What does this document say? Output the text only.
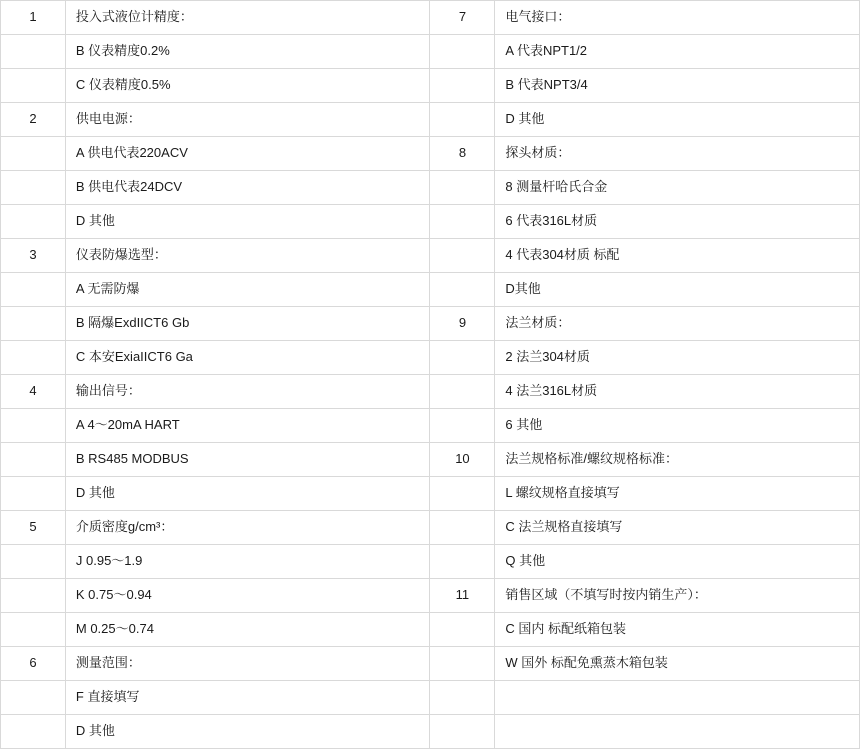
1	投入式液位计精度：	7	电气接口：
	B 仪表精度0.2%		A 代表NPT1/2
	C 仪表精度0.5%		B 代表NPT3/4
2	供电电源：		D 其他
	A 供电代表220ACV	8	探头材质：
	B 供电代表24DCV		8 测量杆哈氏合金
	D 其他		6 代表316L材质
3	仪表防爆选型：		4 代表304材质 标配
	A 无需防爆		D其他
	B 隔爆ExdIICT6 Gb	9	法兰材质：
	C 本安ExiaIICT6 Ga		2 法兰304材质
4	输出信号：		4 法兰316L材质
	A 4～20mA HART		6 其他
	B RS485 MODBUS	10	法兰规格标准/螺纹规格标准：
	D 其他		L 螺纹规格直接填写
5	介质密度g/cm³：		C 法兰规格直接填写
	J 0.95～1.9		Q 其他
	K 0.75～0.94	11	销售区域（不填写时按内销生产）：
	M 0.25～0.74		C 国内 标配纸箱包装
6	测量范围：		W 国外 标配免熏蒸木箱包装
	F 直接填写		
	D 其他		
